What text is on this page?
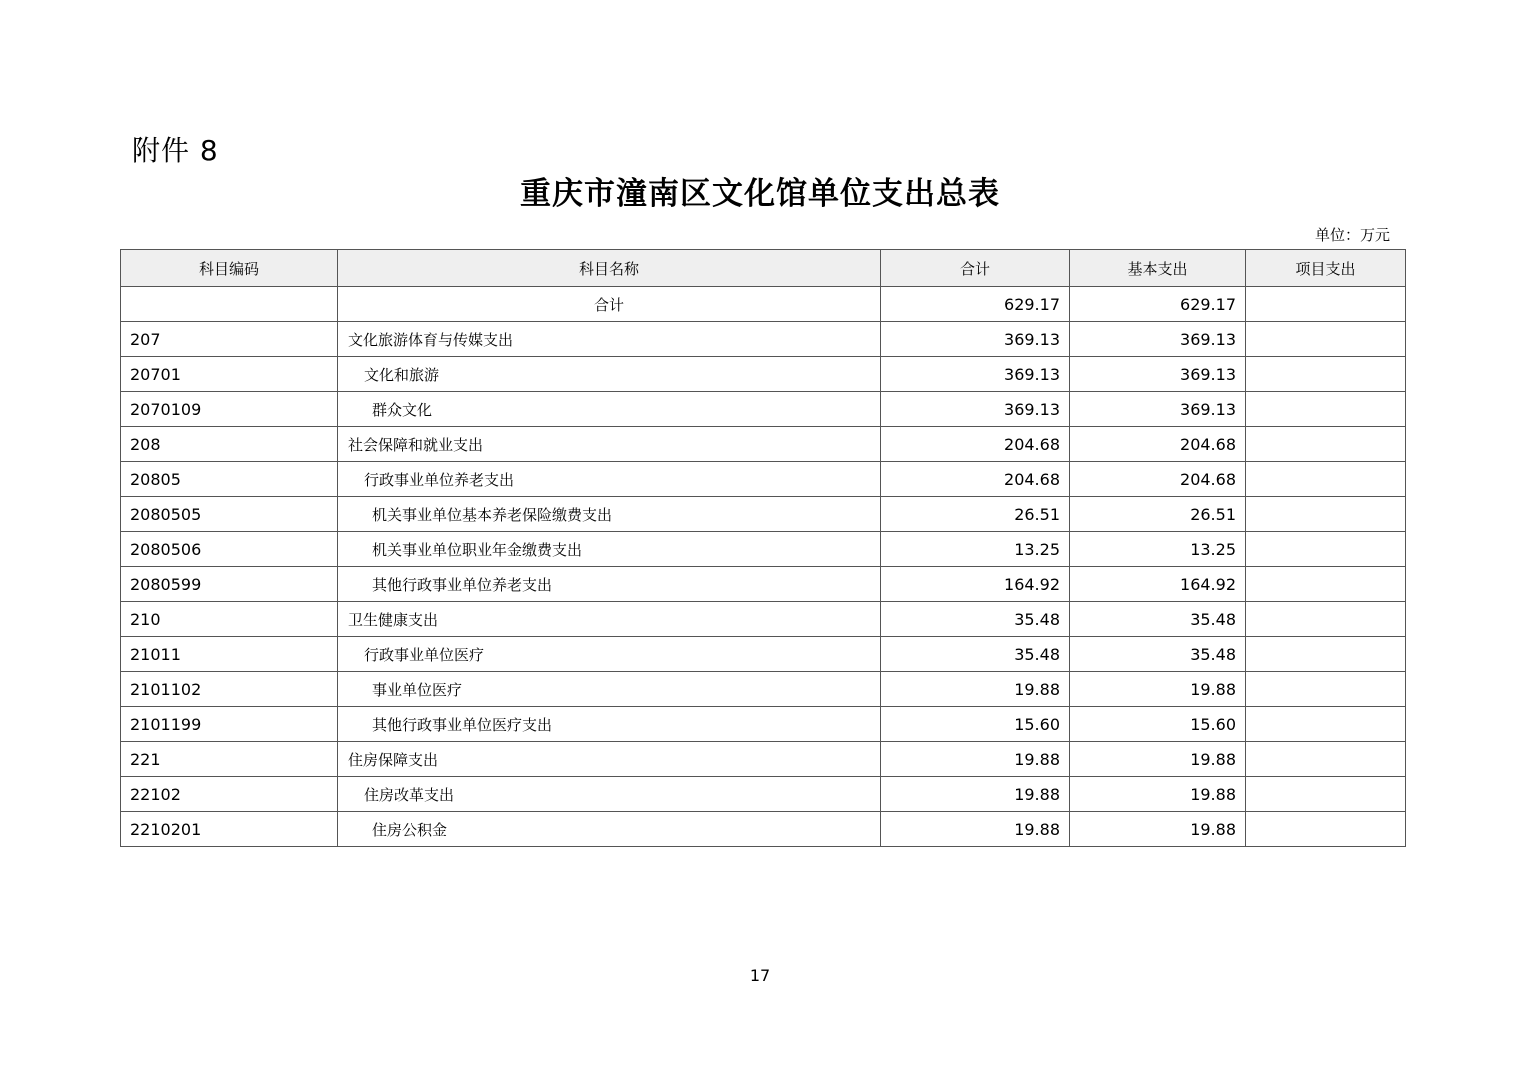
附件 8
重庆市潼南区文化馆单位支出总表
单位：万元
科目编码	科目名称	合计	基本支出	项目支出
	合计	629.17	629.17	
207	文化旅游体育与传媒支出	369.13	369.13	
20701	文化和旅游	369.13	369.13	
2070109	群众文化	369.13	369.13	
208	社会保障和就业支出	204.68	204.68	
20805	行政事业单位养老支出	204.68	204.68	
2080505	机关事业单位基本养老保险缴费支出	26.51	26.51	
2080506	机关事业单位职业年金缴费支出	13.25	13.25	
2080599	其他行政事业单位养老支出	164.92	164.92	
210	卫生健康支出	35.48	35.48	
21011	行政事业单位医疗	35.48	35.48	
2101102	事业单位医疗	19.88	19.88	
2101199	其他行政事业单位医疗支出	15.60	15.60	
221	住房保障支出	19.88	19.88	
22102	住房改革支出	19.88	19.88	
2210201	住房公积金	19.88	19.88	
17
